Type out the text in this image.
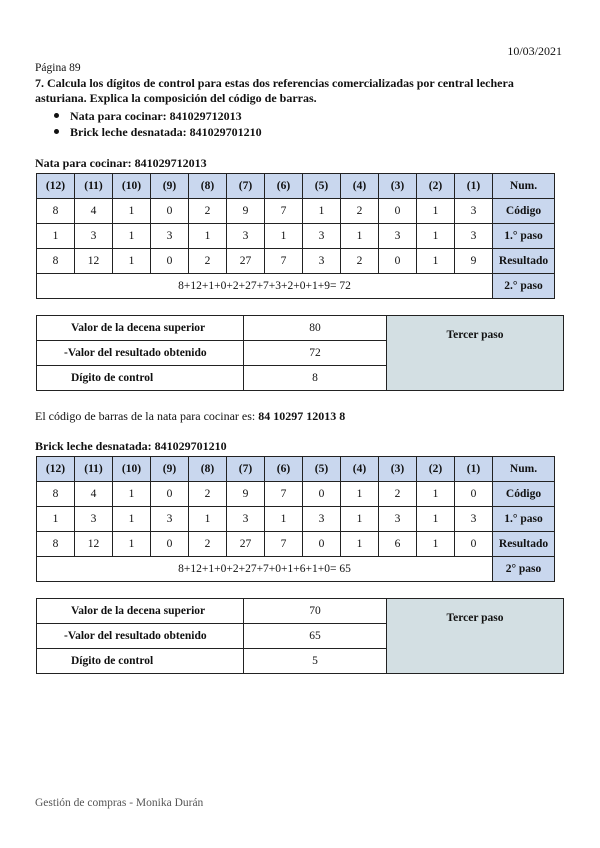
10/03/2021
Página 89
7. Calcula los dígitos de control para estas dos referencias comercializadas por central lechera asturiana. Explica la composición del código de barras.
Nata para cocinar: 841029712013
Brick leche desnatada: 841029701210
Nata para cocinar: 841029712013
(12)	(11)	(10)	(9)	(8)	(7)	(6)	(5)	(4)	(3)	(2)	(1)	Num.
8	4	1	0	2	9	7	1	2	0	1	3	Código
1	3	1	3	1	3	1	3	1	3	1	3	1.° paso
8	12	1	0	2	27	7	3	2	0	1	9	Resultado
8+12+1+0+2+27+7+3+2+0+1+9= 72												2.° paso
Valor de la decena superior	80	Tercer paso
-Valor del resultado obtenido	72	
Dígito de control	8	
El código de barras de la nata para cocinar es: 84 10297 12013 8
Brick leche desnatada: 841029701210
(12)	(11)	(10)	(9)	(8)	(7)	(6)	(5)	(4)	(3)	(2)	(1)	Num.
8	4	1	0	2	9	7	0	1	2	1	0	Código
1	3	1	3	1	3	1	3	1	3	1	3	1.° paso
8	12	1	0	2	27	7	0	1	6	1	0	Resultado
8+12+1+0+2+27+7+0+1+6+1+0= 65												2° paso
Valor de la decena superior	70	Tercer paso
-Valor del resultado obtenido	65	
Dígito de control	5	
Gestión de compras - Monika Durán
